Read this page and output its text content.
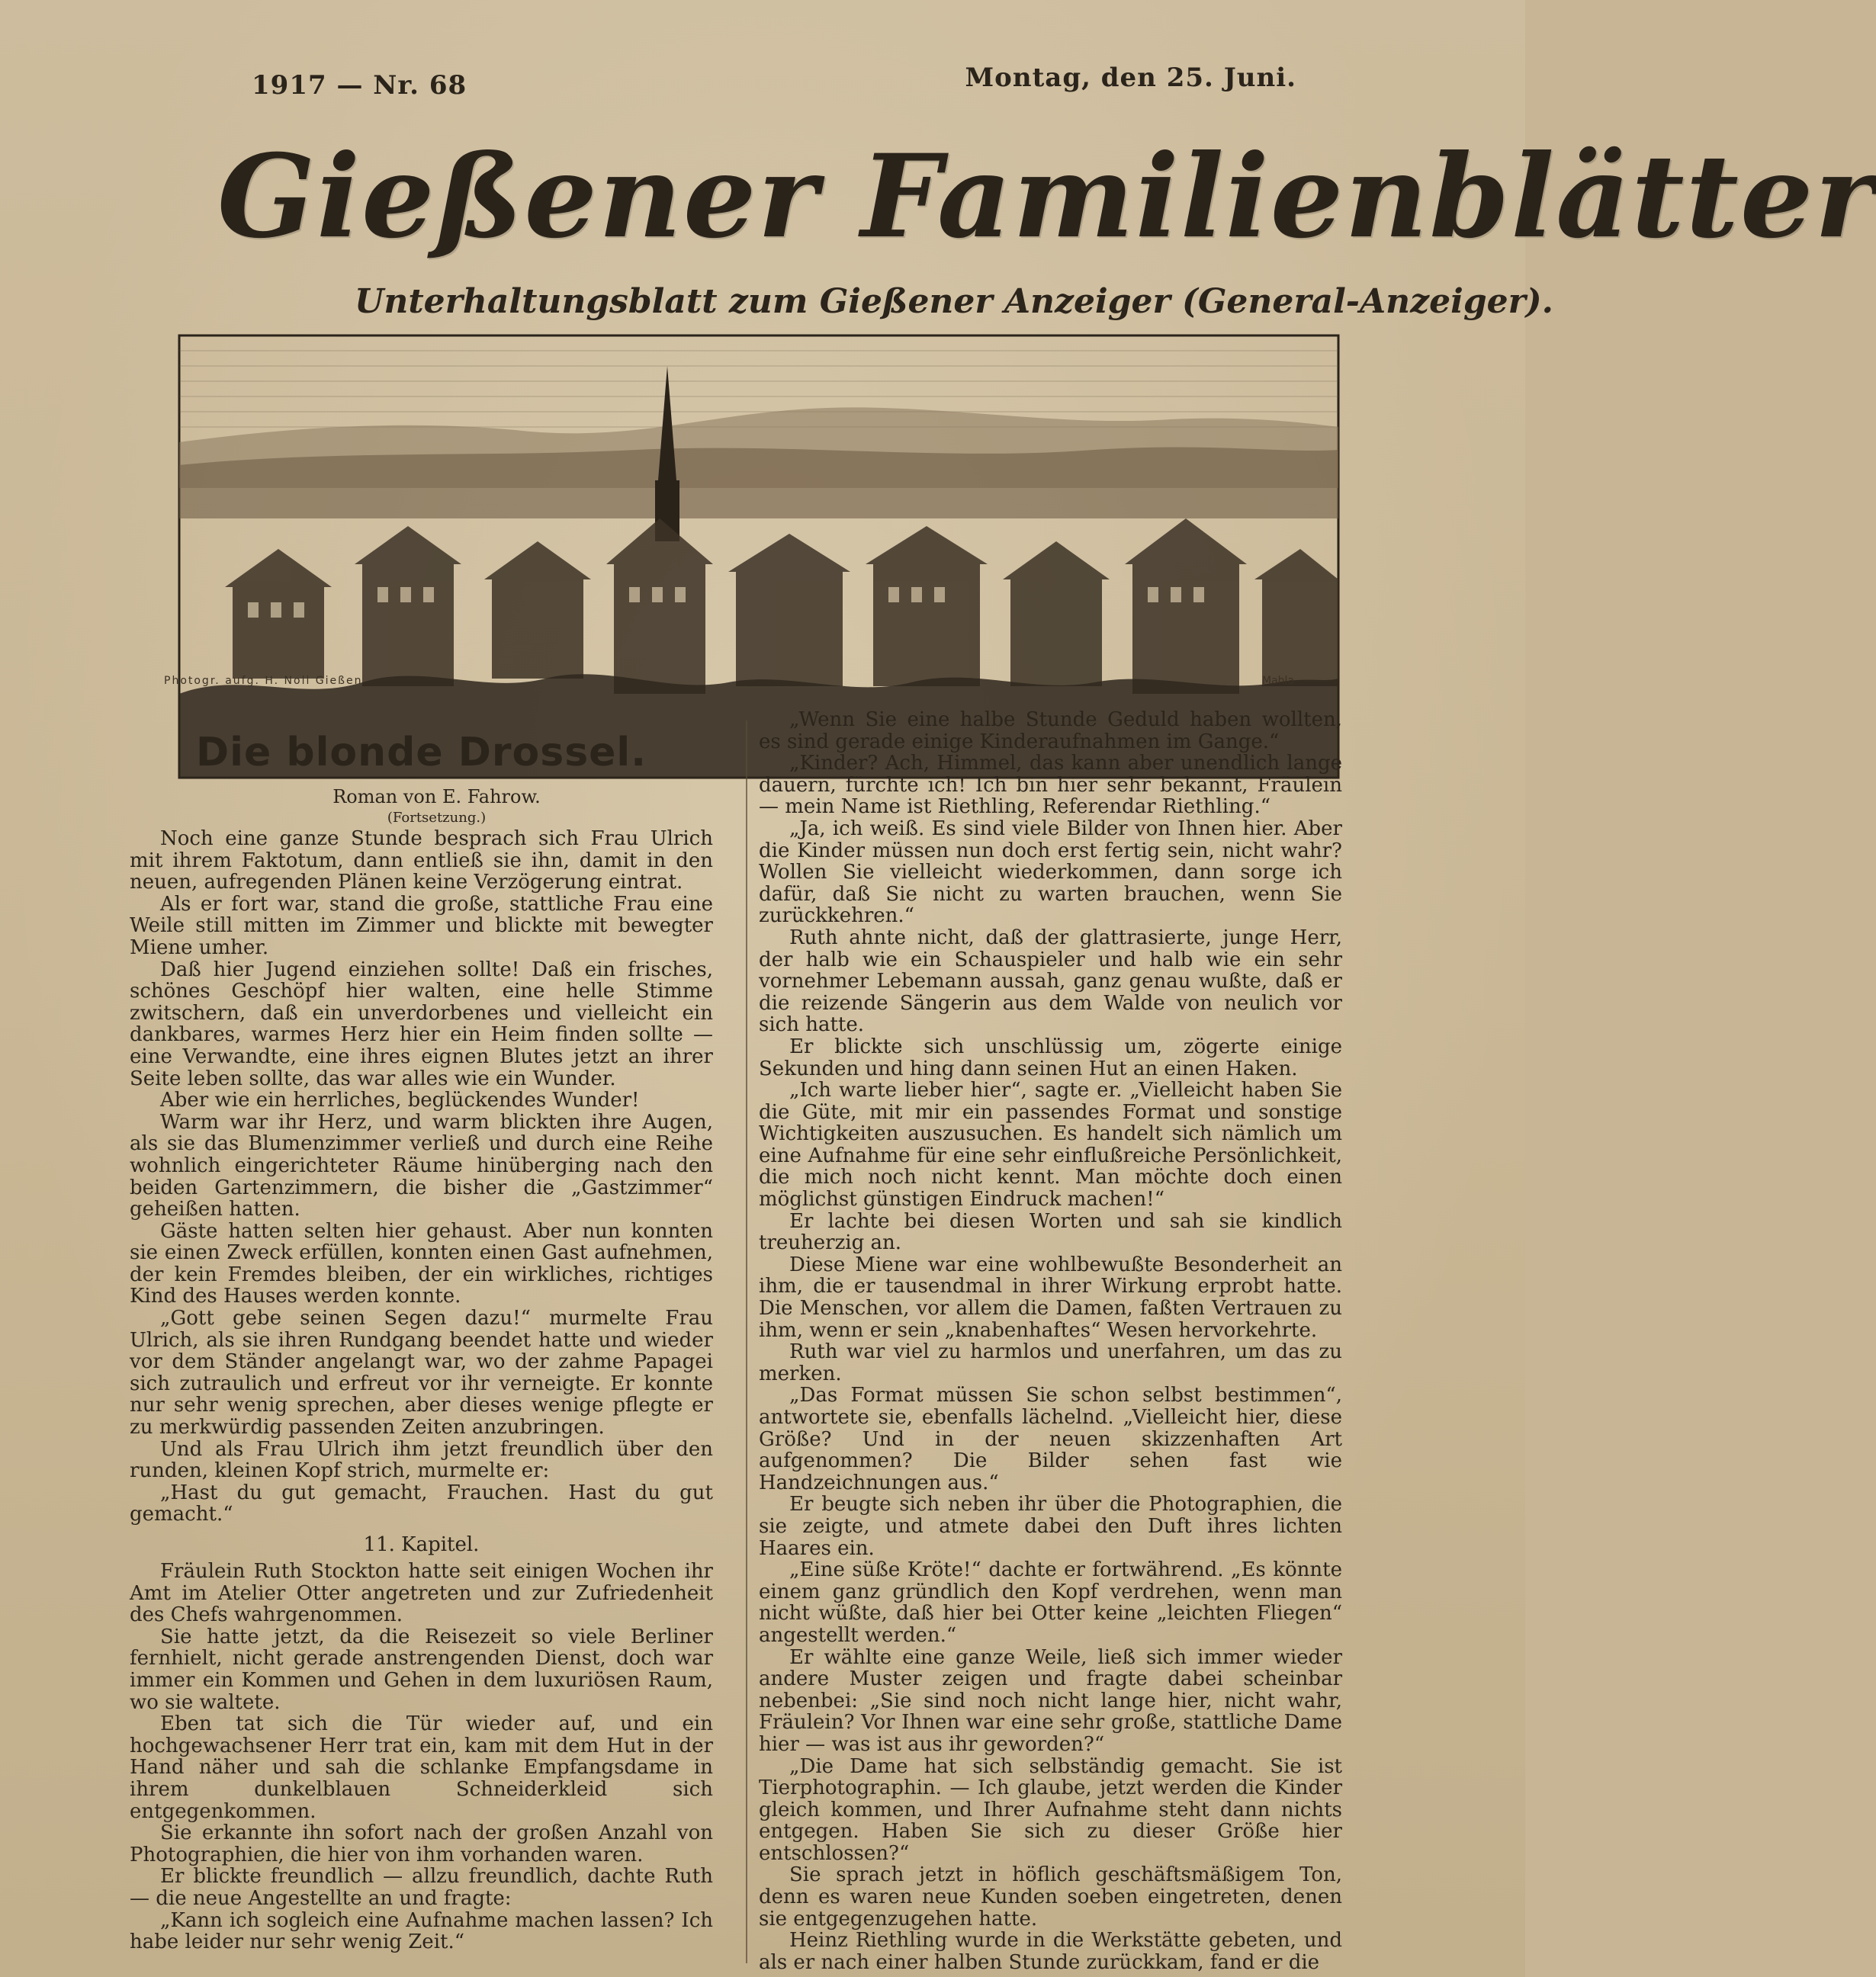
1917 — Nr. 68	Montag, den 25. Juni.
Gießener Familienblätter
Unterhaltungsblatt zum Gießener Anzeiger (General-Anzeiger).
Photogr. aufg. H. Noll Gießen.	Mahla
Die blonde Drossel.

Roman von E. Fahrow.

(Fortsetzung.)

Noch eine ganze Stunde besprach sich Frau Ulrich mit ihrem Faktotum, dann entließ sie ihn, damit in den neuen, aufregenden Plänen keine Verzögerung eintrat.

Als er fort war, stand die große, stattliche Frau eine Weile still mitten im Zimmer und blickte mit bewegter Miene umher.

Daß hier Jugend einziehen sollte! Daß ein frisches, schönes Geschöpf hier walten, eine helle Stimme zwitschern, daß ein unverdorbenes und vielleicht ein dankbares, warmes Herz hier ein Heim finden sollte — eine Verwandte, eine ihres eignen Blutes jetzt an ihrer Seite leben sollte, das war alles wie ein Wunder.

Aber wie ein herrliches, beglückendes Wunder!

Warm war ihr Herz, und warm blickten ihre Augen, als sie das Blumenzimmer verließ und durch eine Reihe wohnlich eingerichteter Räume hinüberging nach den beiden Gartenzimmern, die bisher die „Gastzimmer“ geheißen hatten.

Gäste hatten selten hier gehaust. Aber nun konnten sie einen Zweck erfüllen, konnten einen Gast aufnehmen, der kein Fremdes bleiben, der ein wirkliches, richtiges Kind des Hauses werden konnte.

„Gott gebe seinen Segen dazu!“ murmelte Frau Ulrich, als sie ihren Rundgang beendet hatte und wieder vor dem Ständer angelangt war, wo der zahme Papagei sich zutraulich und erfreut vor ihr verneigte. Er konnte nur sehr wenig sprechen, aber dieses wenige pflegte er zu merkwürdig passenden Zeiten anzubringen.

Und als Frau Ulrich ihm jetzt freundlich über den runden, kleinen Kopf strich, murmelte er:

„Hast du gut gemacht, Frauchen. Hast du gut gemacht.“

11. Kapitel.

Fräulein Ruth Stockton hatte seit einigen Wochen ihr Amt im Atelier Otter angetreten und zur Zufriedenheit des Chefs wahrgenommen.

Sie hatte jetzt, da die Reisezeit so viele Berliner fernhielt, nicht gerade anstrengenden Dienst, doch war immer ein Kommen und Gehen in dem luxuriösen Raum, wo sie waltete.

Eben tat sich die Tür wieder auf, und ein hochgewachsener Herr trat ein, kam mit dem Hut in der Hand näher und sah die schlanke Empfangsdame in ihrem dunkelblauen Schneiderkleid sich entgegenkommen.

Sie erkannte ihn sofort nach der großen Anzahl von Photographien, die hier von ihm vorhanden waren.

Er blickte freundlich — allzu freundlich, dachte Ruth — die neue Angestellte an und fragte:

„Kann ich sogleich eine Aufnahme machen lassen? Ich habe leider nur sehr wenig Zeit.“

„Wenn Sie eine halbe Stunde Geduld haben wollten, es sind gerade einige Kinderaufnahmen im Gange.“

„Kinder? Ach, Himmel, das kann aber unendlich lange dauern, fürchte ich! Ich bin hier sehr bekannt, Fräulein — mein Name ist Riethling, Referendar Riethling.“

„Ja, ich weiß. Es sind viele Bilder von Ihnen hier. Aber die Kinder müssen nun doch erst fertig sein, nicht wahr? Wollen Sie vielleicht wiederkommen, dann sorge ich dafür, daß Sie nicht zu warten brauchen, wenn Sie zurückkehren.“

Ruth ahnte nicht, daß der glattrasierte, junge Herr, der halb wie ein Schauspieler und halb wie ein sehr vornehmer Lebemann aussah, ganz genau wußte, daß er die reizende Sängerin aus dem Walde von neulich vor sich hatte.

Er blickte sich unschlüssig um, zögerte einige Sekunden und hing dann seinen Hut an einen Haken.

„Ich warte lieber hier“, sagte er. „Vielleicht haben Sie die Güte, mit mir ein passendes Format und sonstige Wichtigkeiten auszusuchen. Es handelt sich nämlich um eine Aufnahme für eine sehr einflußreiche Persönlichkeit, die mich noch nicht kennt. Man möchte doch einen möglichst günstigen Eindruck machen!“

Er lachte bei diesen Worten und sah sie kindlich treuherzig an.

Diese Miene war eine wohlbewußte Besonderheit an ihm, die er tausendmal in ihrer Wirkung erprobt hatte. Die Menschen, vor allem die Damen, faßten Vertrauen zu ihm, wenn er sein „knabenhaftes“ Wesen hervorkehrte.

Ruth war viel zu harmlos und unerfahren, um das zu merken.

„Das Format müssen Sie schon selbst bestimmen“, antwortete sie, ebenfalls lächelnd. „Vielleicht hier, diese Größe? Und in der neuen skizzenhaften Art aufgenommen? Die Bilder sehen fast wie Handzeichnungen aus.“

Er beugte sich neben ihr über die Photographien, die sie zeigte, und atmete dabei den Duft ihres lichten Haares ein.

„Eine süße Kröte!“ dachte er fortwährend. „Es könnte einem ganz gründlich den Kopf verdrehen, wenn man nicht wüßte, daß hier bei Otter keine „leichten Fliegen“ angestellt werden.“

Er wählte eine ganze Weile, ließ sich immer wieder andere Muster zeigen und fragte dabei scheinbar nebenbei: „Sie sind noch nicht lange hier, nicht wahr, Fräulein? Vor Ihnen war eine sehr große, stattliche Dame hier — was ist aus ihr geworden?“

„Die Dame hat sich selbständig gemacht. Sie ist Tierphotographin. — Ich glaube, jetzt werden die Kinder gleich kommen, und Ihrer Aufnahme steht dann nichts entgegen. Haben Sie sich zu dieser Größe hier entschlossen?“

Sie sprach jetzt in höflich geschäftsmäßigem Ton, denn es waren neue Kunden soeben eingetreten, denen sie entgegenzugehen hatte.

Heinz Riethling wurde in die Werkstätte gebeten, und als er nach einer halben Stunde zurückkam, fand er die
